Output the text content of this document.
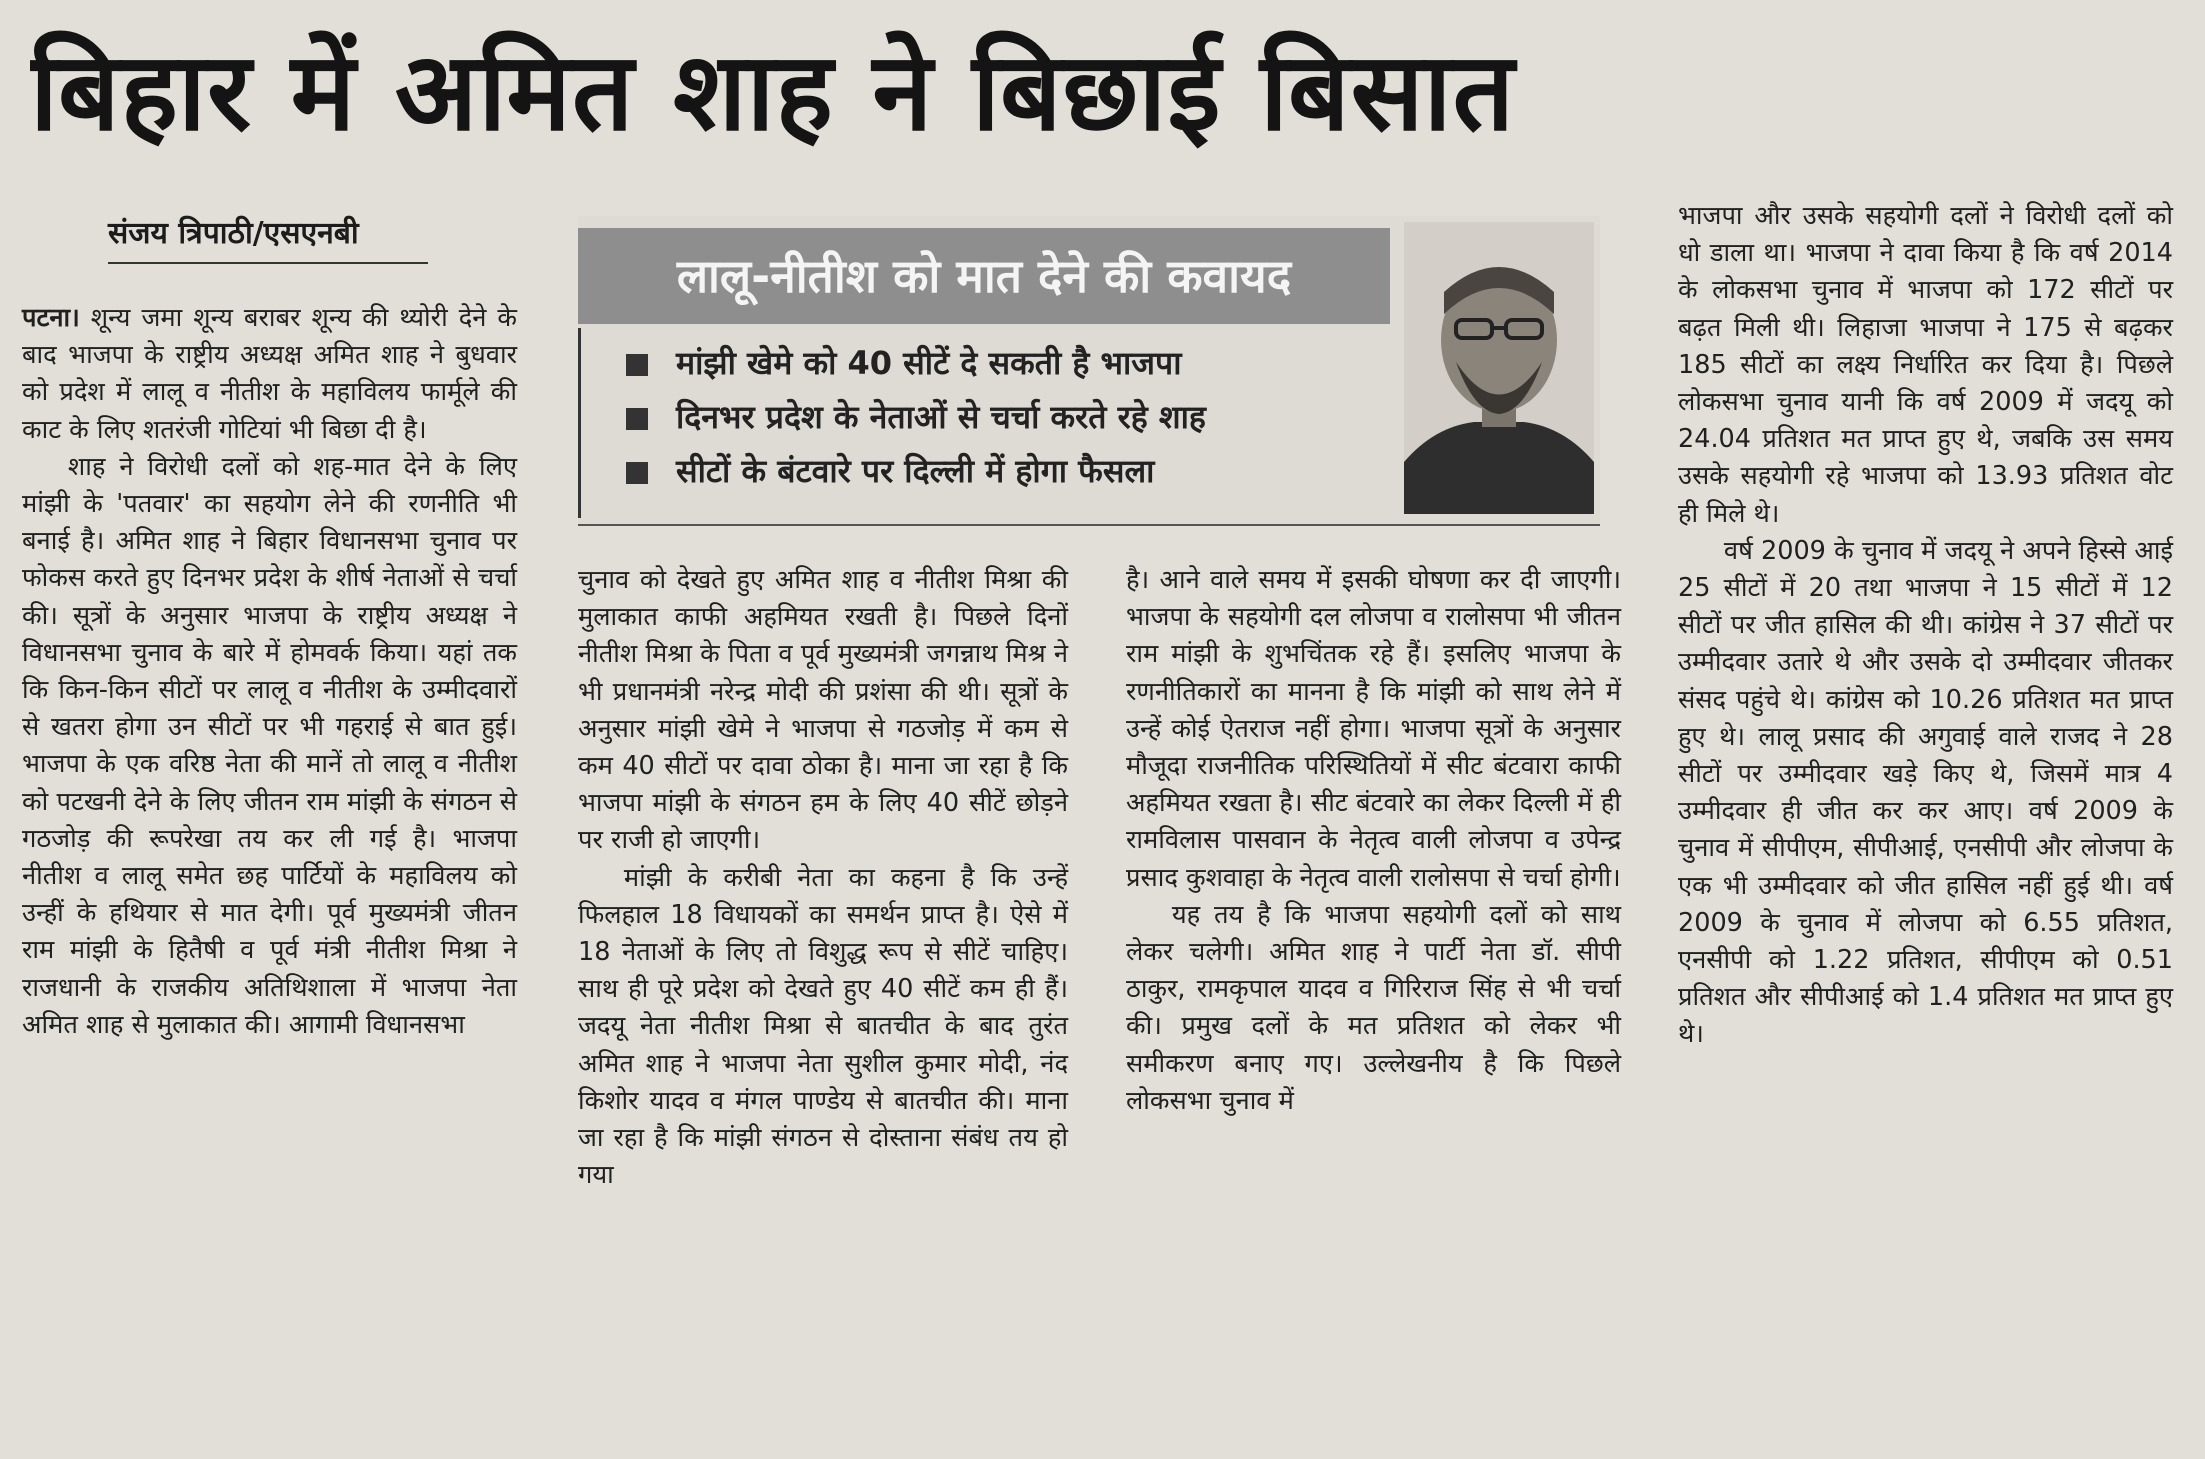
बिहार में अमित शाह ने बिछाई बिसात
संजय त्रिपाठी/एसएनबी
लालू-नीतीश को मात देने की कवायद
मांझी खेमे को 40 सीटें दे सकती है भाजपा
दिनभर प्रदेश के नेताओं से चर्चा करते रहे शाह
सीटों के बंटवारे पर दिल्ली में होगा फैसला

पटना। शून्य जमा शून्य बराबर शून्य की थ्योरी देने के बाद भाजपा के राष्ट्रीय अध्यक्ष अमित शाह ने बुधवार को प्रदेश में लालू व नीतीश के महाविलय फार्मूले की काट के लिए शतरंजी गोटियां भी बिछा दी है।

शाह ने विरोधी दलों को शह-मात देने के लिए मांझी के 'पतवार' का सहयोग लेने की रणनीति भी बनाई है। अमित शाह ने बिहार विधानसभा चुनाव पर फोकस करते हुए दिनभर प्रदेश के शीर्ष नेताओं से चर्चा की। सूत्रों के अनुसार भाजपा के राष्ट्रीय अध्यक्ष ने विधानसभा चुनाव के बारे में होमवर्क किया। यहां तक कि किन-किन सीटों पर लालू व नीतीश के उम्मीदवारों से खतरा होगा उन सीटों पर भी गहराई से बात हुई। भाजपा के एक वरिष्ठ नेता की मानें तो लालू व नीतीश को पटखनी देने के लिए जीतन राम मांझी के संगठन से गठजोड़ की रूपरेखा तय कर ली गई है। भाजपा नीतीश व लालू समेत छह पार्टियों के महाविलय को उन्हीं के हथियार से मात देगी। पूर्व मुख्यमंत्री जीतन राम मांझी के हितैषी व पूर्व मंत्री नीतीश मिश्रा ने राजधानी के राजकीय अतिथिशाला में भाजपा नेता अमित शाह से मुलाकात की। आगामी विधानसभा

चुनाव को देखते हुए अमित शाह व नीतीश मिश्रा की मुलाकात काफी अहमियत रखती है। पिछले दिनों नीतीश मिश्रा के पिता व पूर्व मुख्यमंत्री जगन्नाथ मिश्र ने भी प्रधानमंत्री नरेन्द्र मोदी की प्रशंसा की थी। सूत्रों के अनुसार मांझी खेमे ने भाजपा से गठजोड़ में कम से कम 40 सीटों पर दावा ठोका है। माना जा रहा है कि भाजपा मांझी के संगठन हम के लिए 40 सीटें छोड़ने पर राजी हो जाएगी।

मांझी के करीबी नेता का कहना है कि उन्हें फिलहाल 18 विधायकों का समर्थन प्राप्त है। ऐसे में 18 नेताओं के लिए तो विशुद्ध रूप से सीटें चाहिए। साथ ही पूरे प्रदेश को देखते हुए 40 सीटें कम ही हैं। जदयू नेता नीतीश मिश्रा से बातचीत के बाद तुरंत अमित शाह ने भाजपा नेता सुशील कुमार मोदी, नंद किशोर यादव व मंगल पाण्डेय से बातचीत की। माना जा रहा है कि मांझी संगठन से दोस्ताना संबंध तय हो गया

है। आने वाले समय में इसकी घोषणा कर दी जाएगी। भाजपा के सहयोगी दल लोजपा व रालोसपा भी जीतन राम मांझी के शुभचिंतक रहे हैं। इसलिए भाजपा के रणनीतिकारों का मानना है कि मांझी को साथ लेने में उन्हें कोई ऐतराज नहीं होगा। भाजपा सूत्रों के अनुसार मौजूदा राजनीतिक परिस्थितियों में सीट बंटवारा काफी अहमियत रखता है। सीट बंटवारे का लेकर दिल्ली में ही रामविलास पासवान के नेतृत्व वाली लोजपा व उपेन्द्र प्रसाद कुशवाहा के नेतृत्व वाली रालोसपा से चर्चा होगी।

यह तय है कि भाजपा सहयोगी दलों को साथ लेकर चलेगी। अमित शाह ने पार्टी नेता डॉ. सीपी ठाकुर, रामकृपाल यादव व गिरिराज सिंह से भी चर्चा की। प्रमुख दलों के मत प्रतिशत को लेकर भी समीकरण बनाए गए। उल्लेखनीय है कि पिछले लोकसभा चुनाव में

भाजपा और उसके सहयोगी दलों ने विरोधी दलों को धो डाला था। भाजपा ने दावा किया है कि वर्ष 2014 के लोकसभा चुनाव में भाजपा को 172 सीटों पर बढ़त मिली थी। लिहाजा भाजपा ने 175 से बढ़कर 185 सीटों का लक्ष्य निर्धारित कर दिया है। पिछले लोकसभा चुनाव यानी कि वर्ष 2009 में जदयू को 24.04 प्रतिशत मत प्राप्त हुए थे, जबकि उस समय उसके सहयोगी रहे भाजपा को 13.93 प्रतिशत वोट ही मिले थे।

वर्ष 2009 के चुनाव में जदयू ने अपने हिस्से आई 25 सीटों में 20 तथा भाजपा ने 15 सीटों में 12 सीटों पर जीत हासिल की थी। कांग्रेस ने 37 सीटों पर उम्मीदवार उतारे थे और उसके दो उम्मीदवार जीतकर संसद पहुंचे थे। कांग्रेस को 10.26 प्रतिशत मत प्राप्त हुए थे। लालू प्रसाद की अगुवाई वाले राजद ने 28 सीटों पर उम्मीदवार खड़े किए थे, जिसमें मात्र 4 उम्मीदवार ही जीत कर कर आए। वर्ष 2009 के चुनाव में सीपीएम, सीपीआई, एनसीपी और लोजपा के एक भी उम्मीदवार को जीत हासिल नहीं हुई थी। वर्ष 2009 के चुनाव में लोजपा को 6.55 प्रतिशत, एनसीपी को 1.22 प्रतिशत, सीपीएम को 0.51 प्रतिशत और सीपीआई को 1.4 प्रतिशत मत प्राप्त हुए थे।
